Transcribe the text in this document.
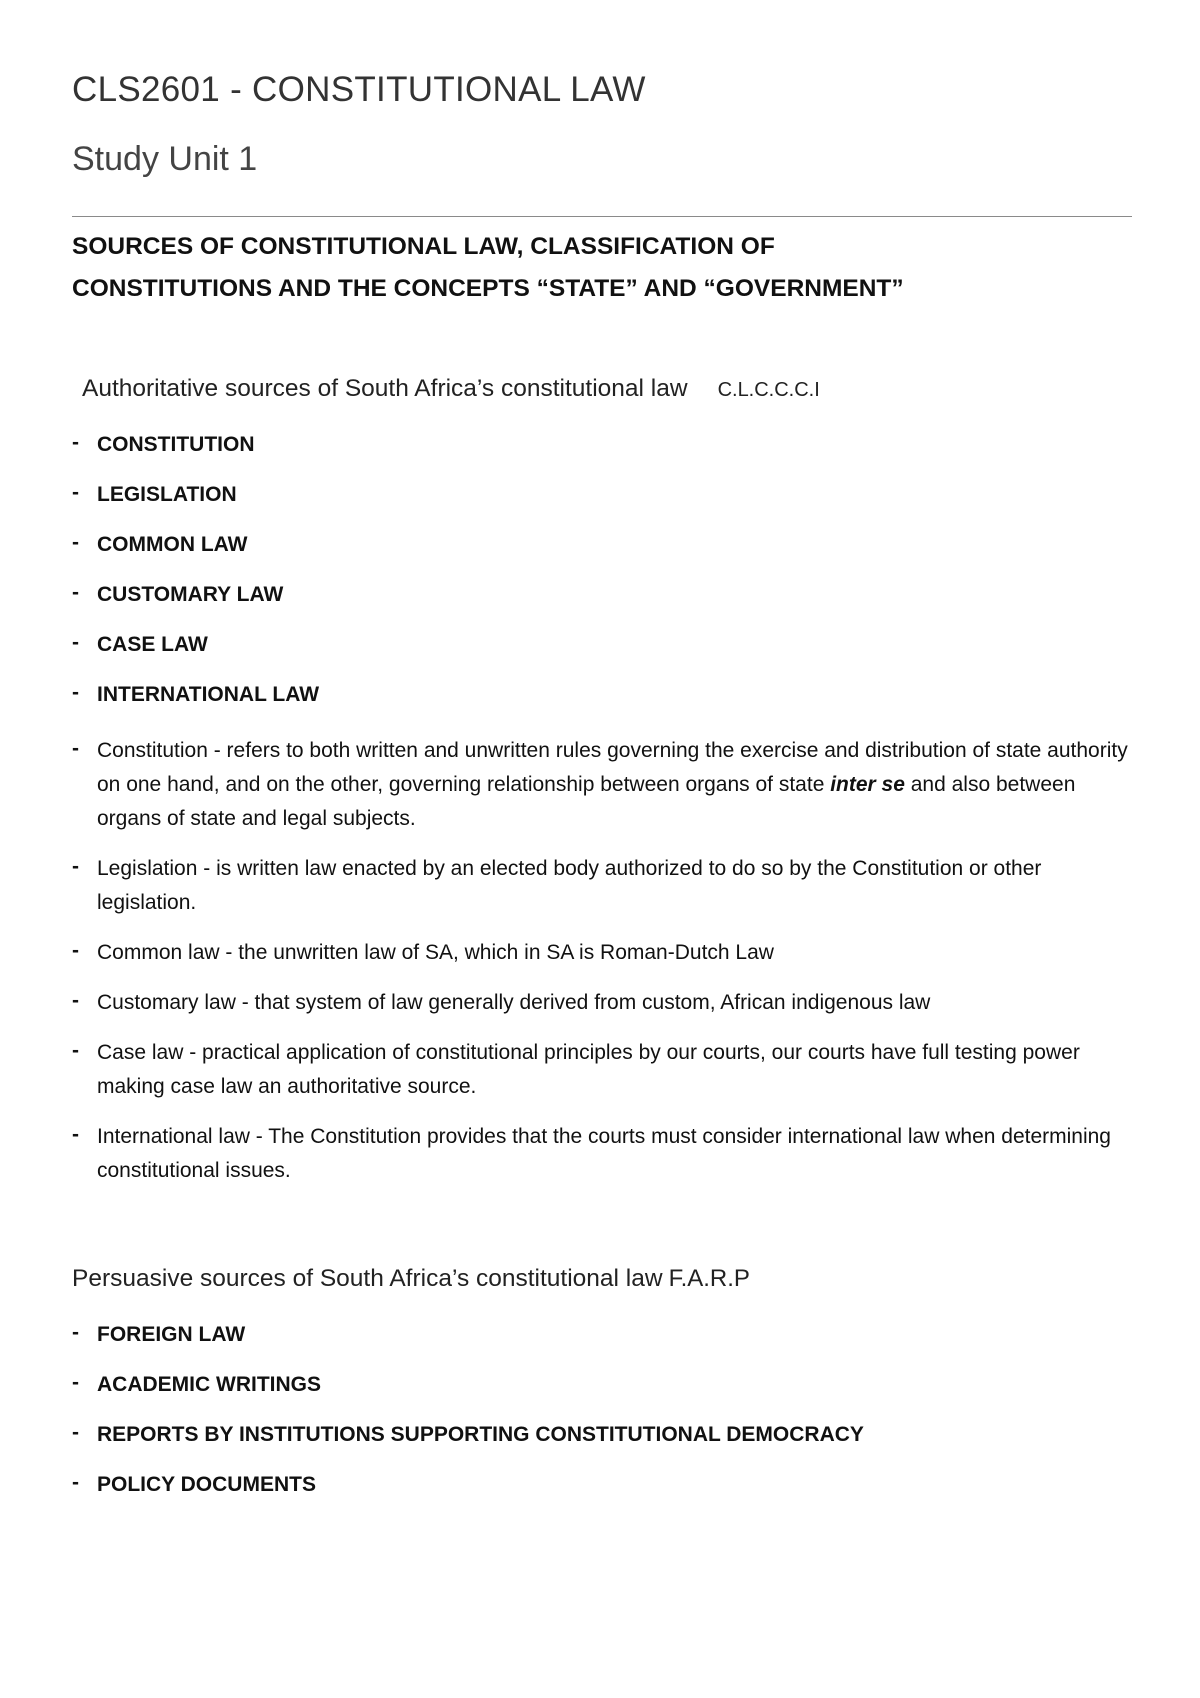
CLS2601 - CONSTITUTIONAL LAW
Study Unit 1
SOURCES OF CONSTITUTIONAL LAW, CLASSIFICATION OF
CONSTITUTIONS AND THE CONCEPTS “STATE” AND “GOVERNMENT”
Authoritative sources of South Africa’s constitutional law C.L.C.C.C.I
- CONSTITUTION
- LEGISLATION
- COMMON LAW
- CUSTOMARY LAW
- CASE LAW
- INTERNATIONAL LAW
- Constitution - refers to both written and unwritten rules governing the exercise and distribution of state authority on one hand, and on the other, governing relationship between organs of state inter se and also between organs of state and legal subjects.
- Legislation - is written law enacted by an elected body authorized to do so by the Constitution or other legislation.
- Common law - the unwritten law of SA, which in SA is Roman-Dutch Law
- Customary law - that system of law generally derived from custom, African indigenous law
- Case law - practical application of constitutional principles by our courts, our courts have full testing power making case law an authoritative source.
- International law - The Constitution provides that the courts must consider international law when determining constitutional issues.
Persuasive sources of South Africa’s constitutional law F.A.R.P
- FOREIGN LAW
- ACADEMIC WRITINGS
- REPORTS BY INSTITUTIONS SUPPORTING CONSTITUTIONAL DEMOCRACY
- POLICY DOCUMENTS
